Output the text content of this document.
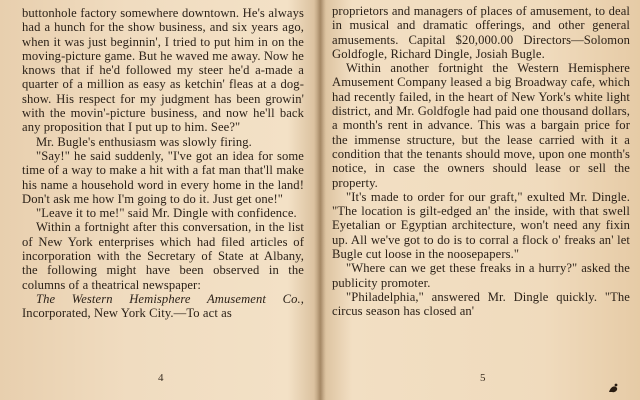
buttonhole factory somewhere downtown. He's always had a hunch for the show business, and six years ago, when it was just beginnin', I tried to put him in on the moving-picture game. But he waved me away. Now he knows that if he'd followed my steer he'd a-made a quarter of a million as easy as ketchin' fleas at a dog-show. His respect for my judgment has been growin' with the movin'-picture business, and now he'll back any proposition that I put up to him. See?"

Mr. Bugle's enthusiasm was slowly firing.

"Say!" he said suddenly, "I've got an idea for some time of a way to make a hit with a fat man that'll make his name a household word in every home in the land! Don't ask me how I'm going to do it. Just get one!"

"Leave it to me!" said Mr. Dingle with confidence.

Within a fortnight after this conversation, in the list of New York enterprises which had filed articles of incorporation with the Secretary of State at Albany, the following might have been observed in the columns of a theatrical newspaper:

The Western Hemisphere Amusement Co., Incorporated, New York City.—To act as

proprietors and managers of places of amusement, to deal in musical and dramatic offerings, and other general amusements. Capital $20,000.00 Directors—Solomon Goldfogle, Richard Dingle, Josiah Bugle.

Within another fortnight the Western Hemisphere Amusement Company leased a big Broadway cafe, which had recently failed, in the heart of New York's white light district, and Mr. Goldfogle had paid one thousand dollars, a month's rent in advance. This was a bargain price for the immense structure, but the lease carried with it a condition that the tenants should move, upon one month's notice, in case the owners should lease or sell the property.

"It's made to order for our graft," exulted Mr. Dingle. "The location is gilt-edged an' the inside, with that swell Eyetalian or Egyptian architecture, won't need any fixin up. All we've got to do is to corral a flock o' freaks an' let Bugle cut loose in the noosepapers."

"Where can we get these freaks in a hurry?" asked the publicity promoter.

"Philadelphia," answered Mr. Dingle quickly. "The circus season has closed an'

4	5
